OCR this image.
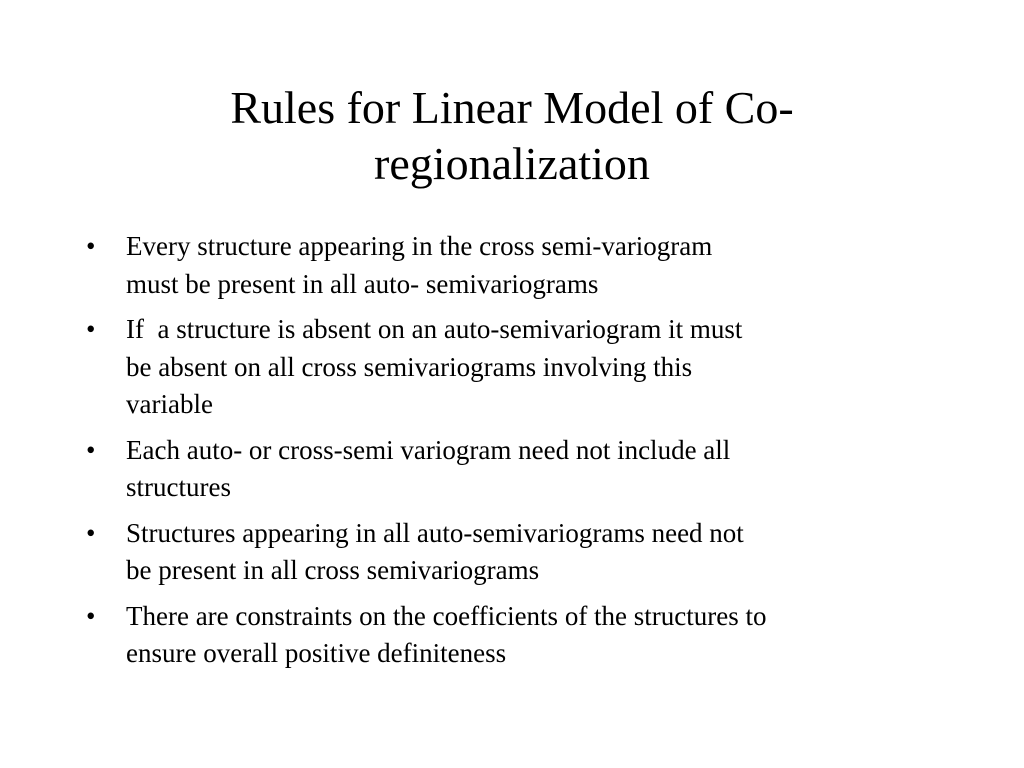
Rules for Linear Model of Co-
regionalization
• Every structure appearing in the cross semi-variogram
must be present in all auto- semivariograms
• If  a structure is absent on an auto-semivariogram it must
be absent on all cross semivariograms involving this
variable
• Each auto- or cross-semi variogram need not include all
structures
• Structures appearing in all auto-semivariograms need not
be present in all cross semivariograms
• There are constraints on the coefficients of the structures to
ensure overall positive definiteness
